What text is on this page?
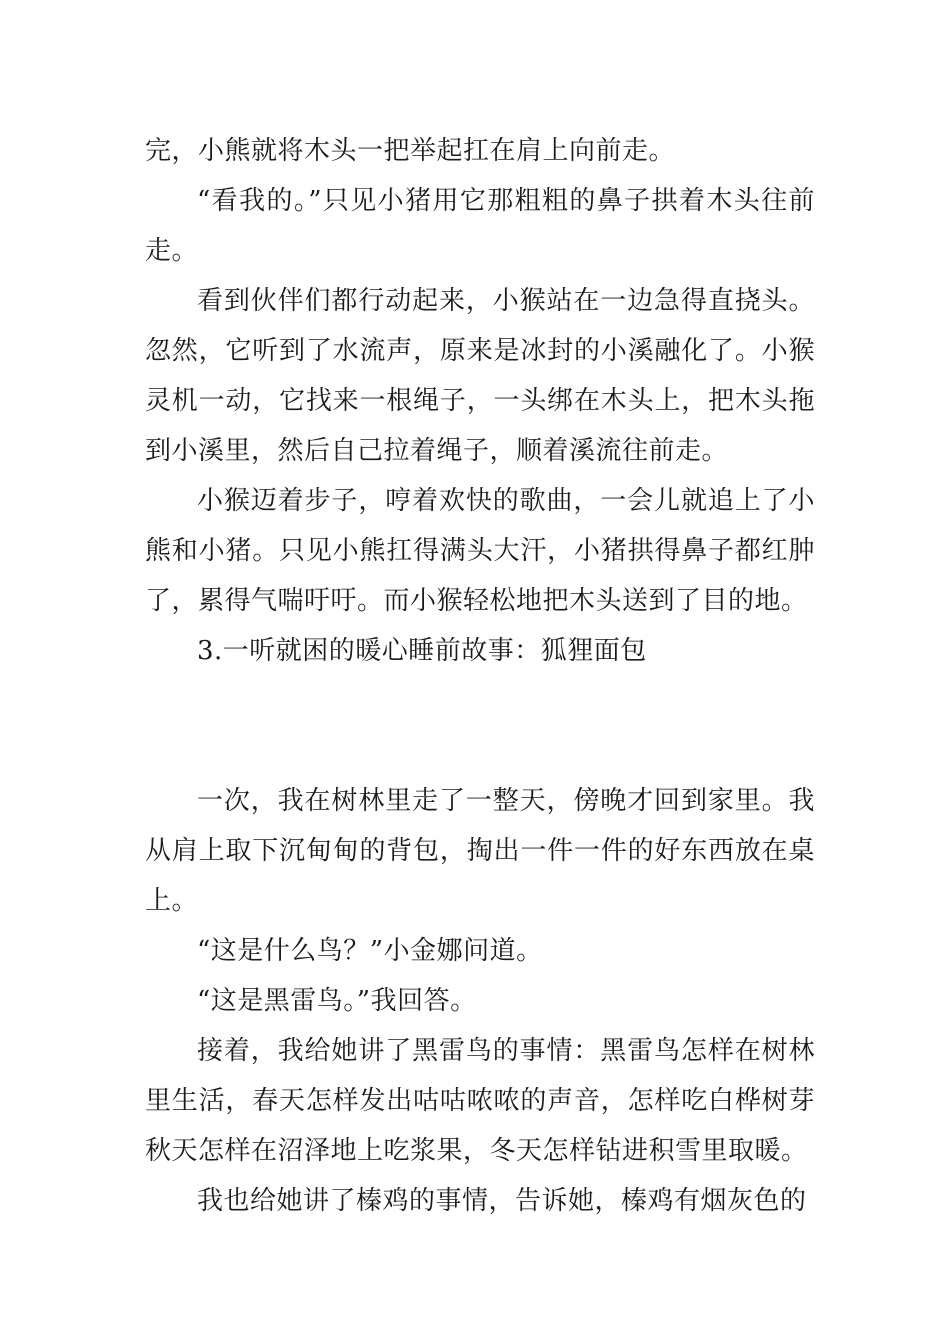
完，小熊就将木头一把举起扛在肩上向前走。

“看我的。”只见小猪用它那粗粗的鼻子拱着木头往前走。

看到伙伴们都行动起来，小猴站在一边急得直挠头。忽然，它听到了水流声，原来是冰封的小溪融化了。小猴灵机一动，它找来一根绳子，一头绑在木头上，把木头拖到小溪里，然后自己拉着绳子，顺着溪流往前走。

小猴迈着步子，哼着欢快的歌曲，一会儿就追上了小熊和小猪。只见小熊扛得满头大汗，小猪拱得鼻子都红肿了，累得气喘吁吁。而小猴轻松地把木头送到了目的地。

3.一听就困的暖心睡前故事：狐狸面包

一次，我在树林里走了一整天，傍晚才回到家里。我从肩上取下沉甸甸的背包，掏出一件一件的好东西放在桌上。

“这是什么鸟？”小金娜问道。

“这是黑雷鸟。”我回答。

接着，我给她讲了黑雷鸟的事情：黑雷鸟怎样在树林里生活，春天怎样发出咕咕哝哝的声音，怎样吃白桦树芽秋天怎样在沼泽地上吃浆果，冬天怎样钻进积雪里取暖。

我也给她讲了榛鸡的事情，告诉她，榛鸡有烟灰色的
